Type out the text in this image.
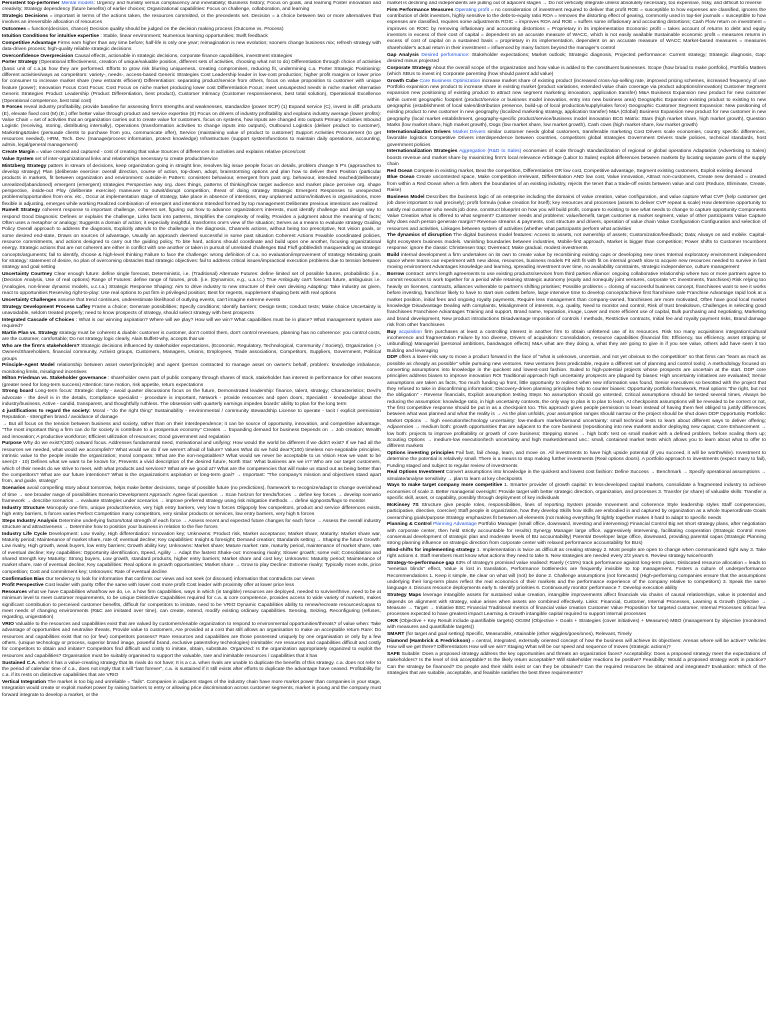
Persistent top-performer Mental models: Urgency and humility versus complacency and inevitability; Business history; Focus on goals, and learning Foster innovation and creativity; Strategy dependency (future benefits) of earlier choices; Organizational capabilities: Focus on challenge, collaboration, and learning

Strategic Decisions = important in terms of the actions taken, the resources committed, or the precedents set. Decision = a choice between two or more alternatives that involves an irreversible allocation of resources

Outcomes = function(decision, chance) Decision quality should be judged on the decision making process (Outcome vs. Process)

Intuition Conditions for intuitive expertise : Stable, linear environment; Numerous learning opportunities; Swift feedback

Competitive Advantage Firms earn higher than any time before; half-life is only one year; reimagination is new evolution; sooners change business mix; refresh strategy with data-driven process; high-quality reliable strategic decisions

Overconfidence Overprecision Causal effects, actionable in strategic decisions, corporate finance capabilities, investment strategies

Porter Strategy (Operational Effectiveness, creation of unique/valuable position, different sets of activities, choosing what not to do) Differentiation through choice of activities (basic unit of c.a.)& how they are performed. Efforts to grow risk blurring uniqueness, creating compromises, reducing fit, undermining c.a. Porter Strategic Positioning: different activities/ways as competitors: variety-, needs-, access-based Generic Strategies Cost Leadership leader in low-cost production; higher profit margins or lower price for consumer to increase market share (new entrants efficient) Differentiation: separating product/service from others, focus on value proposition to customer with unique feature (power); Innovation Focus Cost Focus: Cost Focus on niche market producing lower cost Differentiation Focus: meet unsuspected needs in niche market Alternative Generic Strategies Product Leadership (Product Differentiation, best product), Customer Intimacy (Customer responsiveness, best total solution), Operational Excellence (Operational competence, best total cost)

5 Forces reveal industry profitability, provide baseline for assessing firm's strengths and weaknesses, standardize (power SCP) (1) Expand service (C), invest in diff. products (E), elevate fixed cost (M) (E.) offer better value through product and service expertise (S) Focus on drivers of industry profitability and explains industry average (lower profits): Value Chain = set of activities that an organization carries out to create value for customers, focus on systems, how inputs are changed into outputs Primary Activities Inbound Logistic (receiving, storing, distributing internally), Operations (transformation activities to change inputs into outputs), Outbound Logistics (deliver product to customer), Marketing&Sales (persuade clients to purchase from you, communicate offer), Service (maintaining value of product to customer) Support Activities Procurement (to get resources needed), HRM, Tech. Dev. (manage/process information, protect knowledge) Infrastructure (support system/functions to maintain daily operations, accounting, admin, legal/general management)

Create Margin = value created and captured - cost of creating that value Sources of differences in activities and explains relative prices/cost

Value System set of inter-organizational links and relationships necessary to create product/service

Mintzberg Strategy pattern in stream of decisions, keep organization going in straight line, resolves big issue people focus on details, problem change 5 P's (approaches to develop strategy) Plan (deliberate exercise: overall direction, course of action, top-down, adopt, brainstorming options and plan how to deliver them Position (particular products in markets, fit between organization and environment: outside-in Pattern: consistent behaviour, emergent from past org. behaviour, intended reached(deliberate) unrealized(abandoned) emergent (emergent) strategies Perspective way org. does things, patterns of thinking/how target audience and market place perceive org. shape perspective, inside-out Ploy (deliberate exercise) maneuver to outwit/disrupt competition, threat of doing strategy Strategic Emergent Responses to unexpected problems/opportunities from env. etc., Occur at implementation stage of strategy, take place in absence of intentions, may unplanned actions/initiatives in organisations, more flexible in adjusting, emerges while working Realized combination of emergent and intentions Intended formed by top management Deliberate previous intentions are realized

Rumelt Strategy coherent response to important challenge, coherent set, figuring out how to advance organization's interests, must identify challenge and design way to respond Good Diagnosis: Defines or explains the challenge, Links facts into patterns, Simplifies the complexity of reality, Provides a judgment about the meaning of facts; Often uses a metaphor or analogy; Suggests a domain of action; it especially insightful, transforms one's view of the situation; Serves as a means to evaluate strategy Guiding Policy Overall approach to address the diagnosis, Explicitly attends to the challenge in the diagnosis, Channels actions, without being too prescriptive, Not vision goals, or some desired end-state, Draws on sources of advantage, Usually an approach deemed successful in some past situation Coherent Actions Feasible coordinated policies, resource commitments, and actions designed to carry out the guiding policy, To bite hard, actions should coordinate and build upon one another, focusing organizational energy. Strategic actions that are not coherent are either in conflict with one another or taken in pursuit of unrelated challenges Bad Fluff gobbledish masquerading as strategic concepts/arguments; fail to identify, choose & high-level thinking Failure to face the challenge: wrong definition of c.a. no evaluation/improvement of strategy Mistaking goals for strategy: statement of desire, no plan of overcoming obstacles Bad strategic objectives: fail to address critical issues/impractical execution problems due to tension between strategy and goal setting

Uncertainty Courtney Clear enough future: define single forecast, Deterministic, i.e. (Traditional) Alternate Futures: define limited set of possible futures, probabilistic (i.e., (Decision Analysis, Use of real options) Range of Futures: define range of futures, prob. (i.e. (Dynamics, e.g., u.a.r.c.) True Ambiguity can't forecast future, ambiguous i.e. (Analogies, non-linear dynamic models, u.c.r.a.) Strategic Response Shaping: Aim to drive industry to new structure of their own devising Adapting: Take industry as given, react to opportunities Reserving right-to-play: Use real options to put firm in privileged position; Best for regents, supplement shaping bets with real options

Uncertainty Challenges assume that trend continues, underestimate likelihood of outlying events, can't imagine extreme events

Strategy Development Process Lafley Frame a choice; Generate possibilities; Specify conditions; Identify barriers; Design tests; conduct tests; Make choice Uncertainty is unavoidable, seldom treated properly; need to know prospects of strategy, should select strategy with best prospects

Integrated Cascade of Choices : What is our winning aspiration? Where will we play? How will we win? What capabilities must be in place? What management system are required?

Martin Plan vs. Strategy strategy must be coherent & doable: customer is customer, don't control them, don't control revenues, planning has no coherence: you control costs, are the customer, comfortable; Do not strategy logic clearly, Alain Buffett-why, accepts that we

Who are the firm's stakeholders? Strategic decisions influenced by stakeholder expectations, (Economic, Regulatory, Technological, Community / Society), Organization (-> Owners/Shareholders, financial community, Activist groups, Customers, Managers, Unions, Employees, Trade associations, Competitors, Suppliers, Government, Political groups

Principle-Agent Model relationship between asset owner(principle) and agent (person contracted to manage asset on owner's behalf, problem: knowledge imbalance, monitoring limits, misaligned incentives

Milton Friedman vs. Stakeholder governance : shareholder owns part of public company through shares of stock, stakeholder has interest in performance for other reasons (greater need for long-term success) Attention: tone motion, risk appetite, return expectations

Strong board Long-term focus: Strategic clarity - avoid quarter discussions focus on the future, Demonstrated leadership: finance, talent, strategy; Characteristics; Devil's advocate - the devil is in the details, Compliance specialist - procedure is important, Network - provide resources and open doors, Specialist - knowledge about the industry/business, Active - candid, transparent, and thoughtfully ruthless. The obsession with quarterly earnings impedes boards' ability to plan for the long term

4 justifications to regard the society: Moral - "do the right thing" Sustainability - environmental / community stewardship License to operate - tacit / explicit permission Reputation - strengthen brand / avoidance of damage

→ But all focus on the tension between business and society, rather than on their interdependence; it can be source of opportunity, innovation, and competitive advantage. "The most important thing a firm can do for society is contribute to a prosperous economy" Creates → Expanding demand for business Depends on → Job creation; Wealth and innovation; A productive workforce; Efficient utilization of resources; Good government and regulation

Purpose Why do we exist?(100) outward focus. Addresses fundamental need, motivational and unifying: How would the world be different if we didn't exist? If we had all the resources we needed, what would we accomplish? What would we do if we weren't afraid of failure? Values What do we hold dear?(100) timeless non-negotiable principles, intrinsic value to the people inside the organization; moral compass: What are the non-negotiables? What would we never be acceptable to us Vision How we want to be seen(3 - 10) Defines what we want to be known for, Prevents a vivid description of the desired future, North Star: What business are we in? Who are our target customers, which of their needs do we strive to meet, with what products and services? What are we good at? What are the competencies that will make us stand out as being better than the competitors? What are our future intentions? What is the organization's aspiration or long-term goal? → Important: "The company's mission and objectives stand apart from, and guide, strategy"

Scenarios avoid compelling story about tomorrow, helps make better decisions, range of possible future (no predictions), framework to recognize/adapt to change over/ahead of time → see broader range of possibilities Scenario Development Approach: Agree focal question → Scan horizon for trends/forces → define key forces → develop scenario framework → describe scenarios → evaluate strategies under scenarios → improve preferred strategy using risk mitigation methods → define signposts/flags to monitor

Industry Structure Monopoly one firm, unique product/service, very high entry barriers, very low 5 forces Oligopoly few competitors, product and service differences exists, high entry barriers, 5 forces varies Perfect Competition many competitors, very similar products or services, low entry barriers, very high 5 forces

Steps Industry Analysis Determine underlying factors/total strength of each force → Assess recent and expected future changes for each force → Assess the overall industry structure and attractiveness → Determine how to position your business in relation to the five forces

Industry Life Cycle Development: Low rivalry, High differentiation: Innovation key; Unknowns: Product risk, Market acceptance; Market share; Maturity: Market share war, Maturity period; Maintenance of market share, rate of; eventual decline; Key capabilities: Insight & foresight; Demand creation; Standards setting → Shaping the future Growth: Low rivalry, High growth, weak buyers, low entry barriers; Growth ability key; Unknowns: Market share; Mature market: rate, maturity period, maintenance of market share, rate of eventual decline; Key capabilities: Opportunity identification, Speed, Agility → Adapt the fastest Shake-out: Increasing rivalry; Slower growth; some exit; Consolidation and shared strength key Maturity: Strong buyers, Low growth, standard products, higher entry barriers; Market share and cost key; Unknowns: Maturity period; Maintenance of market share, rate of eventual decline; Key capabilities: Real options in growth opportunities; Market share → Grow to play Decline: Extreme rivalry; Typically more exits, price competition; Cost and commitment key; Unknowns: Rate of eventual decline

Confirmation Bias Our tendency to look for information that confirms our views and not seek (or discount) information that contradicts our views

Profit Perspective Cost leader with parity Offer the same with lower cost more profit Cost leader with proximity offer at lower price less

Resources what we have Capabilities what/how we do, i.e. a how firm capabilities, ways in which (in tangible) resources are deployed, needed to survive/thrive, need to be at minimum level to meet customer requirements, to be unique Distinctive Capabilities required for c.a. & core competence, provides access to wide variety of markets, makes significant contribution to perceived customer benefits, difficult for competitors to imitate, need to be VRIO Dynamic Capabilities ability to renew/recreate resources/capas to meet needs of changing environments (R&C are imitated over time), can create, extend, modify existing ordinary capabilities. Sensing, Seizing, Reconfiguring (refuses, regarding, unigestation)

VRIO Valuable to the resources and capabilities exist that are valued by customers/enable organization to respond to environmental opportunities/threats? of value when: Take advantage of opportunities and neutralise threats, Provide value to customers, Are provided at a cost that still allows an organisation to make an acceptable return Rare: Do resources and capabilities exist that no (or few) competitors possess? Rare resources and capabilities are those possessed uniquely by one organisation or only by a few others. (unique technology or process, superior brand image, powerful brand, exclusive patents/key technologies) Inimitable: Are resources and capabilities difficult and costly for competitors to obtain and imitate? Competitors find difficult and costly to imitate, obtain, substitute. Organized: Is the organization appropriately organized to exploit the resources and capabilities? Organisation must be suitably organised to support the valuable, rare and inimitable resources / capabilities that it has

Sustained C.A. when it has a value-creating strategy that its rivals do not have; It is a c.a. when rivals are unable to duplicate the benefits of this strategy. c.a. does not refer to the period of calendar time of c.a., does not imply that it will "last forever", c.a. is sustained if it still exists after efforts to duplicate the advantage have ceased. Profitability for c.a. if its rests on distinctive capabilities that are VRIO

Vertical Integration The market is too big and unreliable = "fails". Companies in adjacent stages of the industry chain have more market power than companies in your stage, Integration would create or exploit market power by raising barriers to entry or allowing price discrimination across customer segments, market is young and the company must forward integrate to develop a market, or the

market is declining and independents are pulling out of adjacent stages → Do not vertically integrate unless absolutely necessary, too expensive, risky, and difficult to reverse

Firm Performance Measures Operating profit = no consideration of investment required to deliver that profit ROE = susceptible to how expenses are classified, ignores the contribution of debt investors, highly sensitive to the debt-to-equity ratio ROA = removes the distorting effect of gearing, commonly used in top-tier journals = susceptible to how expenses are classified, requires some adjustments ROIC = improves ROA and ROE = suffers some inflationary and accounting distortions; Cash Flow return on investment = improves on ROIC by removing inflationary and accounting distortions = Proprietary in its implementation Economic profit = takes account of returns to debt and equity investors in excess of their cost of capital = dependent on an accurate measure of WACC, which is not easily available Sustainable economic profit = measures returns in excess of cost of capital on a sustained basis = proprietary in its implementation, dependent on an accurate measure of WACC Market-based measures = measures shareholder's actual return in their investment = influenced by many factors beyond the manager's control

Gap Analysis Desired performance: Stakeholder expectations; Market outlook; Strategic diagnosis, Projected performance: Current strategy; Strategic diagnosis, Gap: desired minus projected

Corporate Strategy About the overall scope of the organization and how value is added to the constituent businesses. Scope (how broad to make portfolio), Portfolio Matters (which SBUs to invest in) Corporate parenting (how should parent add value)

Growth Cube Core Business Optimization increase market share of existing product (increased cross-/up-selling rate, improved pricing schemes, increased frequency of use Portfolio expansion new product to increase share in existing market (product variations, extended value chain coverage via product adoptions/innovation) Customer Segment expansion new positioning of existing product to attract new segment marketing innovation, application transfer) M&A Business Expansion new product for new customer within current geographic footprint (product/service or business model innovation, entry into new business area) Geographic Expansion existing product to existing to new geographic (establishment of local sales/distribution presence, build-up of local production/supply/sales force) Geographic Customer Segment Expansion: New positioning of existing product to new customer in new geography (localized marketing strategy, application transfer) M&A (Global) Business Expansion new product for new customer in new geography (local market establishment, geography-specific product/service/business model innovation BCG Matrix: Stars (high market share, high market growth), Question Marks (low market share, high market growth), Dogs (low market share, low market growth), Cash cows (high market share, low market growth)

Internationalization Drivers Market Drivers similar customer needs global customers, transferable marketing Cost Drivers scale economies, country specific differences, favorable logistics Competitive Drivers interdependence between countries, competitors global strategies Government Drivers trade policies, technical standards, host government policies

Internationalization Strategies Aggregation (R&D to Sales) economies of scale through standardization of regional or global operations Adaptation (Advertising to Sales) boosts revenue and market share by maximizing firm's local relevance Arbitrage (Labor to Sales) exploit differences between markets by locating separate parts of the supply chain

Red Ocean Compete in existing market, Beat the competition, Differentiation OR low cost, Competitive advantage, Segment existing customers, Exploit existing demand

Blue Ocean Create uncontested space, Make competition irrelevant, Differentiation AND low cost, Value innovation, Attract non-customers, Create new demand = created from within a Red Ocean when a firm alters the boundaries of an existing industry, rejects the tenet that a trade-off exists between value and cost (Reduce, Eliminate, Create, Raise)

Business Model Describes the business logic of an enterprise including the domains of value creation, value configuration, and value capture What CVP (help customer get job done important to nail precisely); profit formula (value creation for itself); key resources and processes (assets to deliver CVP repeat & scale) How determine opportunity to satisfy real customer who needs job done, construct blueprint on how you will build profit, compare to existing to see what needs to change to capture opportunity Components Value Creation what is offered to what segment? Customer needs and problems: value/benefit, target customer & market segment, value of other participants Value Capture why does each person generate margin? Revenue streams & payments, cost structure and drivers, operation of value chain Value Configuration Configuration and selection of resources and activities, Linkages between system of activities (whether what participants perform what activities

The dynamics of disruption The digital business model features: Access to assets, not ownership of assets; Customization/feedback; Data; Always on and mobile. Capital-light ecosystem business models. Vanishing boundaries between industries, Mobile-first approach, Market is bigger than competition; Power shifts to Customer Incumbent response: ignore the classic Christensen trap; Overreact; Make gradual, modest investments

Build internal development a firm undertakes on its own to create value by recombining existing caps or developing new ones Internal exploratory environment independent space where teams can experiment with new ideas, resources, business models Fit with fit with fit on internal growth slow to acquire new resources needed to survive in fast moving environment Advantages knowledge and learning, spreading investment over time, no availability constraints, strategic independence, culture management

Borrow contract: arm's length agreements to use existing products/services from third parties Alliance: ongoing collaborative relationship where two or more partners agree to commit resources to work together for a period while retaining strategic autonomy (equity and nonequity joint ventures, corporate VC investments, franchises) Risk relying too heavily on licenses, contracts, alliances vulnerable to partner's shifting priorities; Possible problems = cloning of successful business concept, franchisees want to see it works before investing, franchisor likely to have to start own outlets before, large intensive time to develop concept/achieve first franchisee sale Franchise Advantage rapid look at a market position, initial fees and ongoing royalty payments, Require less management than company-owned, franchisees are more motivated, Often have good local market knowledge Disadvantage Dealing with complaints, Misalignment of interests, e.g. quality, Need to monitor and control, Risk of trust breakdown, Challenges in selecting good franchisees Franchisee Advantages Training and support, Brand name, reputation, image, Lower and more efficient use of capital, Bulk purchasing and negotiating, Marketing and brand development, New product introductions Disadvantage Imposition of controls / methods, Restrictive contracts, Initial fee and royalty payment risks, Brand damage risk from other franchisees

Buy acquisition firm purchases at least a controlling interest in another firm to obtain unfettered use of its resources. Risk too many acquisitions integration/cultural incoherence and fragmentation Failure by too diverse, Drivers of acquisition: Consolidation, resource capabilities (financial fits: Efficiency, tax efficiency, asset stripping or unbundling) Managerial (personal ambitions, bandwagon effects) M&A what are they doing a, what they are going to give in if you see value, others add have seen it too Building and leveraging

DDP offers a lower-risk way to move a product forward in the face of "what is unknown, uncertain, and not yet obvious to the competition" so that firms can "learn as much as possible as cheaply as possible" while pursuing new ventures. New ventures (less predictable, require a different set of planning and control tools). A methodology focused on converting assumptions into knowledge in the quickest and lowest-cost fashion. Suited to high-potential projects whose prospects are uncertain at the start. DDP core principles address biases to improve innovation ROI Traditional approach high uncertainty prospects are plagued by biases: High uncertainty initiatives are evaluated; Senior assumptions are taken as facts, Too much funding up front, little opportunity to redirect when new information was found, Senior executives so besotted with the project that they refused to take in disconfirming information; Discovery-driven planning principles help to counter biases: Opportunity portfolio framework, Real options "the right, but not the obligation" - Reverse financials, Explicit assumption testing Steps No assumption should go untested, Critical assumptions should be tested several times, Always be reducing the assumption: knowledge ratio, in high uncertainty contexts, the only way to plan is to plan to learn, At checkpoints assumptions will be revealed to be correct or not, The first competitive response should be put in as a checkpoint too. This approach gives people permission to learn instead of having them feel obliged to justify differences between what was planned and what the reality is → As the plan unfolds, your assumption ranges should narrow or the project should be shut down DDP Opportunity Portfolio: Market Options → high execution/technology uncertainty: low-medium market/demand uncertainty: small technical tests to learn about different ways to deliver offering; Adjacencies → medium both: growth opportunities that are adjacent to the core business (repositioning into new markets and/or deploying new capas; Core Enhancement → low both: projects to improve profitability or growth of core business; Stepping stones → high both: test on small market with a defined problem, before scaling them up; Scouting Options → medium-low execution/tech uncertainty and high market/demand unc.: small, contained market tests which allows you to learn about what to offer to different markets

Options investing principles Fail fast, fail cheap, learn, and move on. All investments to have high upside potential (if you succeed, it will be worthwhile). Investment to determine the potential is relatively small. There is a means to stop making further investments (Real options doors). A portfolio approach to investments (expect many to fail), Funding staged and subject to regular review of investments

Real Options Investment Convert assumptions into knowledge in the quickest and lowest cost fashion: Define Success → Benchmark → Specify operational assumptions → simulate/analyse sensitivity → plan to learn at key checkpoints

Ways to make target company more competitive 1. Smarter provider of growth capital: In less-developed capital markets, consolidate a fragmented industry to achieve economies of scale 2. Better managerial oversight: Provide target with better strategic direction, organization, and processes 3. Transfer (or share) of valuable skills: Transfer a specific skill, asset, or capability, possibly through deployment of key individuals

McKinsey 7S Structure give people roles, responsibilities, lines of reporting System provide movement and coherence Style leadership styles Staff competencies, participative, directive, coercive) Staff people in organization, how they develop Skills how skills are embodied in and captured by organization as a whole Superordinate Goals overarching goals/purpose Strategy emphasizes fit between all elements (not making everything fit tightly together makes it hard to adapt to specific needs

Planning & Control Planning Advantage Portfolio Manager (small office, downward, investing and intervening) Financial Control Big set short strategy plans, after negotiation with corporate center, then held strictly accountable for results) Synergy Manager large office, aggressively intervening, facilitating cooperation (Strategic Control more consensual development of strategic plan and moderate levels of BU accountability) Parental Developer large office, downward, providing parental capas (Strategic Planning strong planning influence on strategic direction from corporate center with relaxed performance accountability for BUs)

Mind-shifts for implementing strategy 1. Implementation is twice as difficult as creating strategy 2. Most people are open to change when communicated right way 3. Take right actions 4. Staff members must know what actions they need to take 5. New strategies are needed every 2/3 years 6. Review strategy twice/month

Strategy-to-performance gap 63% of strategy's promised value realised: Rarely (<15%) track performance against long-term plans, Dislocated resource allocation = leads to "venetian blinds" effect, Value is lost in translation, Performance bottlenecks are frequently invisible to top management, Fosters a culture of underperformance Recommendations 1. Keep it simple, Be clear on what will (not) be done 2. Challenge assumptions (not forecasts) (High-performing companies ensure that the assumptions underlying their long-term plans reflect the real economics of their markets and the performance experience of the company relative to competitors) 3. Speak the same language 4. Discuss resource deployments early 5. Identify priorities 6. Continuously monitor performance 7. Develop execution ability

Strategy Maps leverage intangible assets for sustained value creation, intangible improvements affect financials via chains of causal relationships, value is potential and depends on alignment with strategy, value arises when assets are combined effectively. Links: Financial, Customer, Internal Processes, Learning & Growth (Objective → Measure → Target → Initiative BSC Financial Traditional metrics of financial value creation Customer Value Proposition for targeted customer, Internal Processes critical few processes expected to have greatest impact Learning & Growth intangible capital required to support internal processes

OKR (Objective + Key Result include quantifiable targets) OGSM (Objective + Goals + Strategies (cover initiatives) + Measures) MBO (management by objective (monitored with measures and quantifiable targets))

SMART (for target and goal setting) Specific, Measurable, Attainable (other wiggles/goes/ones), Relevant, Timely

Diamond (Hambrick & Fredrickson) = central, integrated, externally oriented concept of how the business will achieve its objectives: Arenas where will be active? Vehicles How will we get there? Differentiators How will we win? Staging What will be our speed and sequence of moves (strategic actions)?

SAFE Suitable: Does a proposed strategy address the key opportunities and threats an organization faces? Acceptability: Does a proposed strategy meet the expectations of stakeholders? Is the level of risk acceptable? Is the likely return acceptable? Will stakeholder reactions be positive? Feasibility: Would a proposed strategy work in practice? Can the strategy be financed? Do people and their skills exist or can they be obtained? Can the required resources be obtained and integrated? Evaluation: Which of the strategies that are suitable, acceptable, and feasible satisfies the best three requirements?
